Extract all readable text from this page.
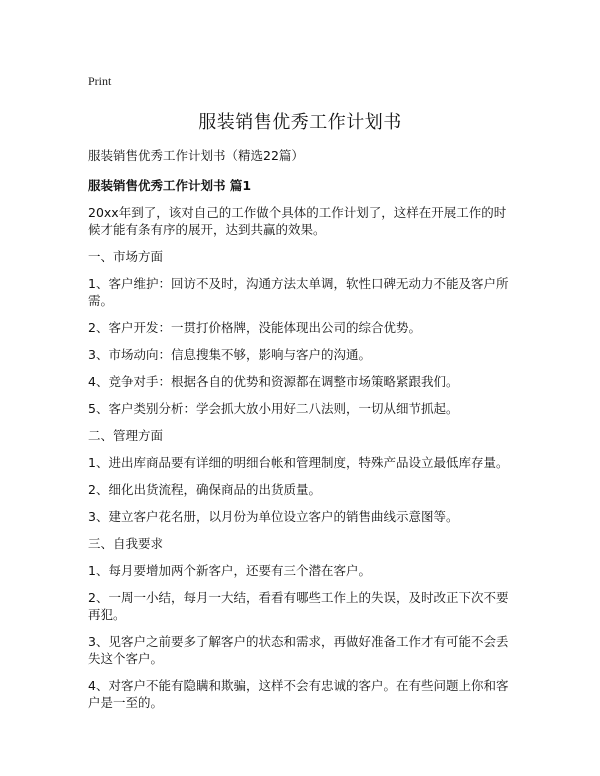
Print
服装销售优秀工作计划书
服装销售优秀工作计划书（精选22篇）
服装销售优秀工作计划书 篇1

20xx年到了，该对自己的工作做个具体的工作计划了，这样在开展工作的时候才能有条有序的展开，达到共赢的效果。

一、市场方面

1、客户维护：回访不及时，沟通方法太单调，软性口碑无动力不能及客户所需。

2、客户开发：一贯打价格牌，没能体现出公司的综合优势。

3、市场动向：信息搜集不够，影响与客户的沟通。

4、竞争对手：根据各自的优势和资源都在调整市场策略紧跟我们。

5、客户类别分析：学会抓大放小用好二八法则，一切从细节抓起。

二、管理方面

1、进出库商品要有详细的明细台帐和管理制度，特殊产品设立最低库存量。

2、细化出货流程，确保商品的出货质量。

3、建立客户花名册，以月份为单位设立客户的销售曲线示意图等。

三、自我要求

1、每月要增加两个新客户，还要有三个潜在客户。

2、一周一小结，每月一大结，看看有哪些工作上的失误，及时改正下次不要再犯。

3、见客户之前要多了解客户的状态和需求，再做好准备工作才有可能不会丢失这个客户。

4、对客户不能有隐瞒和欺骗，这样不会有忠诚的客户。在有些问题上你和客户是一至的。
